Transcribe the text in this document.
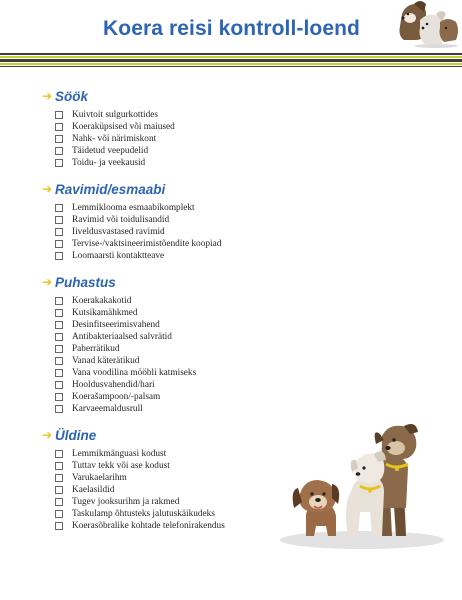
Koera reisi kontroll-loend
➔ Söök
Kuivtoit sulgurkottides
Koeraküpsised või maiused
Nahk- või närimiskont
Täidetud veepudelid
Toidu- ja veekausid
➔ Ravimid/esmaabi
Lemmiklooma esmaabikomplekt
Ravimid või toidulisandid
Iiveldusvastased ravimid
Tervise-/vaktsineerimistõendite koopiad
Loomaarsti kontaktteave
➔ Puhastus
Koerakakakotid
Kutsikamähkmed
Desinfitseerimisvahend
Antibakteriaalsed salvrätid
Paberrätikud
Vanad käterätikud
Vana voodilina mööbli katmiseks
Hooldusvahendid/hari
Koerašampoon/-palsam
Karvaeemaldusrull
➔ Üldine
Lemmikmänguasi kodust
Tuttav tekk või ase kodust
Varukaelarihm
Kaelasildid
Tugev jooksurihm ja rakmed
Taskulamp õhtusteks jalutuskäikudeks
Koerasõbralike kohtade telefonirakendus
